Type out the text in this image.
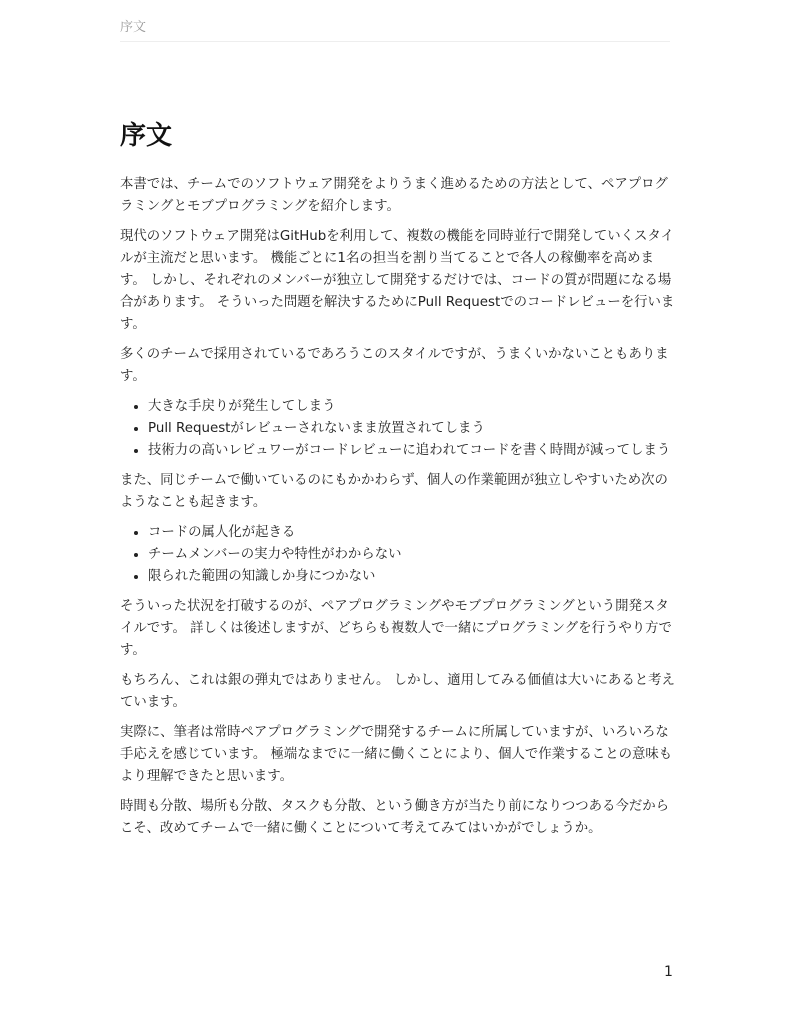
序文
序文

本書では、チームでのソフトウェア開発をよりうまく進めるための方法として、ペアプログ
ラミングとモブプログラミングを紹介します。

現代のソフトウェア開発はGitHubを利用して、複数の機能を同時並行で開発していくスタイ
ルが主流だと思います。 機能ごとに1名の担当を割り当てることで各人の稼働率を高めま
す。 しかし、それぞれのメンバーが独立して開発するだけでは、コードの質が問題になる場
合があります。 そういった問題を解決するためにPull Requestでのコードレビューを行いま
す。

多くのチームで採用されているであろうこのスタイルですが、うまくいかないこともありま
す。

• 大きな手戻りが発生してしまう
• Pull Requestがレビューされないまま放置されてしまう
• 技術力の高いレビュワーがコードレビューに追われてコードを書く時間が減ってしまう

また、同じチームで働いているのにもかかわらず、個人の作業範囲が独立しやすいため次の
ようなことも起きます。

• コードの属人化が起きる
• チームメンバーの実力や特性がわからない
• 限られた範囲の知識しか身につかない

そういった状況を打破するのが、ペアプログラミングやモブプログラミングという開発スタ
イルです。 詳しくは後述しますが、どちらも複数人で一緒にプログラミングを行うやり方で
す。

もちろん、これは銀の弾丸ではありません。 しかし、適用してみる価値は大いにあると考え
ています。

実際に、筆者は常時ペアプログラミングで開発するチームに所属していますが、いろいろな
手応えを感じています。 極端なまでに一緒に働くことにより、個人で作業することの意味も
より理解できたと思います。

時間も分散、場所も分散、タスクも分散、という働き方が当たり前になりつつある今だから
こそ、改めてチームで一緒に働くことについて考えてみてはいかがでしょうか。

1
